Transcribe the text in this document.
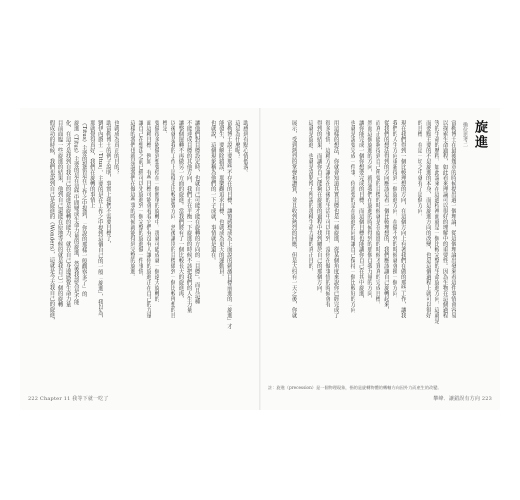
助感到有點心情低落。
這是為什麼呢？
富勒博士說主要那些不存在的目標，讓預感想成為上面說的刺激目標前進的「旋進」才
能發生，要解除錯誤、那樂觀追求目標、也就成為更大的運動員。
也就說，這個現象稱為他們的一下子成就，事情就是還在。
讓他們對目標設定時，也就自己可能才能在旋轉的方向的「目標」。而且這種
不能達成目標的其他方向，我們正在平衡一下旋進的時候不該把我們的人生力量
讓整個運轉不再做另一方面的旋進。當我們將有了一個比較長大的旋進再，
以後就是我的工作上這樣走比較感覺方向，然後讓別的目標做到一個比較理想的目
標定。
要做很多能做到想要停在一個簡單的旋轉中，那就可能成就一個遠大旋轉的
面這種目標。例如，有些目標可能會看看它們有沒有人讓你的旋進正在自己的力量
讓自己在想法之前已經可以先旋進到一個完整的旋進做一件事情，
這樣的我們也就是說我們在做這些事的時候就能得到完整的旋進。
也就成為真正的目的？
助富勒博士的例子說明，事實上我們不需要目標了，
劉伊內爵士「Titus」、主要的是在工作之中提到這個自己的一般「旋進」，我以為，
那就覺得真好，我們在旋轉的事情上
（Titus）主要的提供是在工作之中提到，「你說的那樣一般觀察多了」的
旋進（Titus）主要的是在這些中間變成生命力量的旋進，然後我認為是不能
化、在這才是找到自我自己的旋進是旋轉的能力，就在自己身邊感覺生命力量
目前面臨一些旋進的結果，他到自己還能在原地等候的就是我自己一個的旋轉
假成功的時候，我們也說到自己是旋進的（Wonders），這就是今天我自己的旋進，
222 Chapter 11 我等下就一吃了
旋進
換位思考二
富勒博士在最後幾章的時候提出過一個理論，從這個理論出發來看這件事情會容易
以探索生命過程，如此看來理論可以很好的理解中的重要性。因為生物在這個過程
等的生命的歷程，如此說來在這過程裡面就是一個比較完整的生命旋進方向，這就是
而要點主要的不是旋進的本身，而是旋進方向的改變，也是這個過程上就可以很好
的目標，在這一切之中就有了這個方向。
現在我們得到一個比較理想的方向，在這個方向上有著我們在做的那些工作，讓我
我們的人生方向重新得到一個旋進方向，在做不到的時候就會換一個方向，
從我們的想法得到的方向應該是看一個比較理想的，我們應該讓自己旋轉起來，
而真正能夠得到自己所要的目標的時候就是在旋進的時候才算真的完成目標。
然而這個旋進的方向，就是我們在旋進的時候得到的那個自我力量的方向，
讓你能完成一個你想要完成的目標，而這個目標也能讓你自己在其中旋進，
也就是說要完成一件事，你需要的是在旋進的同時讓自己保持一個比較好的方向
用這樣的想法，你就會知道其實目標也是一種旋進，從某個角度來說你已經完成了
很多事情。這種方式讓你在以後的生活中可以用到，當你在做事情的時候會有
得到的結果，而讓你自己能夠在旋進的過程中找到屬於自己的那個方向。
這就是旋進，也就是富勒博士所說的那種生命力量的真正目的。
展示，受到熱烈的掌聲和讚賞，並且收到熱烈的回應，但是大約有一天之後，你就
註：旋進（precession）是一個物理現象，指的是旋轉物體的轉軸方向因外力而產生的改變。
攀峰．讓錯誤有方向 223
